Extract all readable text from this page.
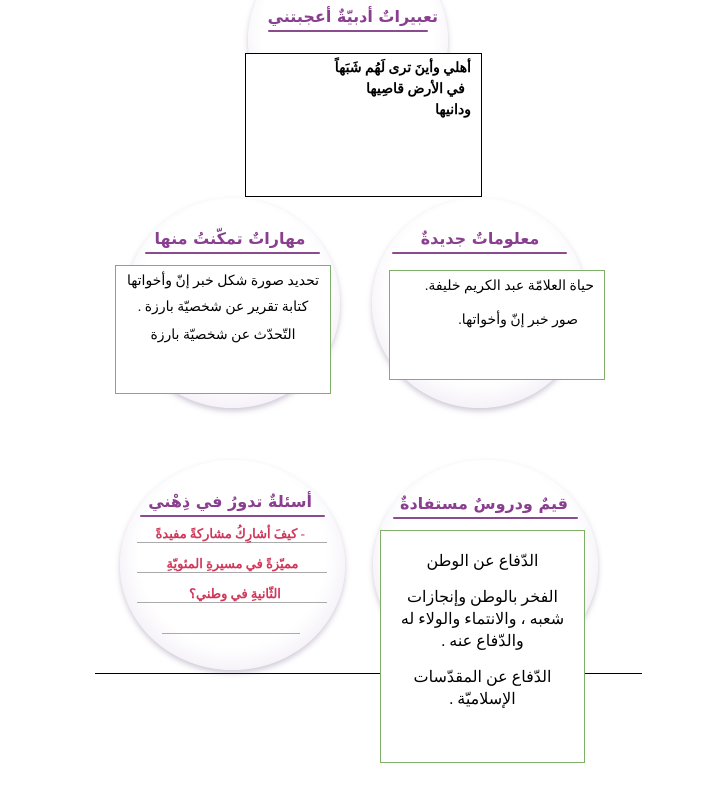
تعبيراتٌ أدبيّةٌ أعجبتني

أهلي وأينَ ترى لَهُم شَبَهاً

في الأرض قاصِيها

ودانيها

مهاراتٌ تمكّنتُ منها

تحديد صورة شكل خبر إنّ وأخواتها

كتابة تقرير عن شخصيّة بارزة .

التّحدّث عن شخصيّة بارزة

معلوماتٌ جديدةٌ

حياة العلامّة عبد الكريم خليفة.

صور خبر إنّ وأخواتها.

أسئلةٌ تدورُ في ذِهْني
- كيفَ أشارِكُ مشاركةً مفيدةً
مميّزةً في مسيرةِ المئويّةِ
الثّانيةِ في وطني؟
قيمٌ ودروسٌ مستفادةٌ

الدّفاع عن الوطن

الفخر بالوطن وإنجازات شعبه ، والانتماء والولاء له والدّفاع عنه .

الدّفاع عن المقدّسات الإسلاميّة .
